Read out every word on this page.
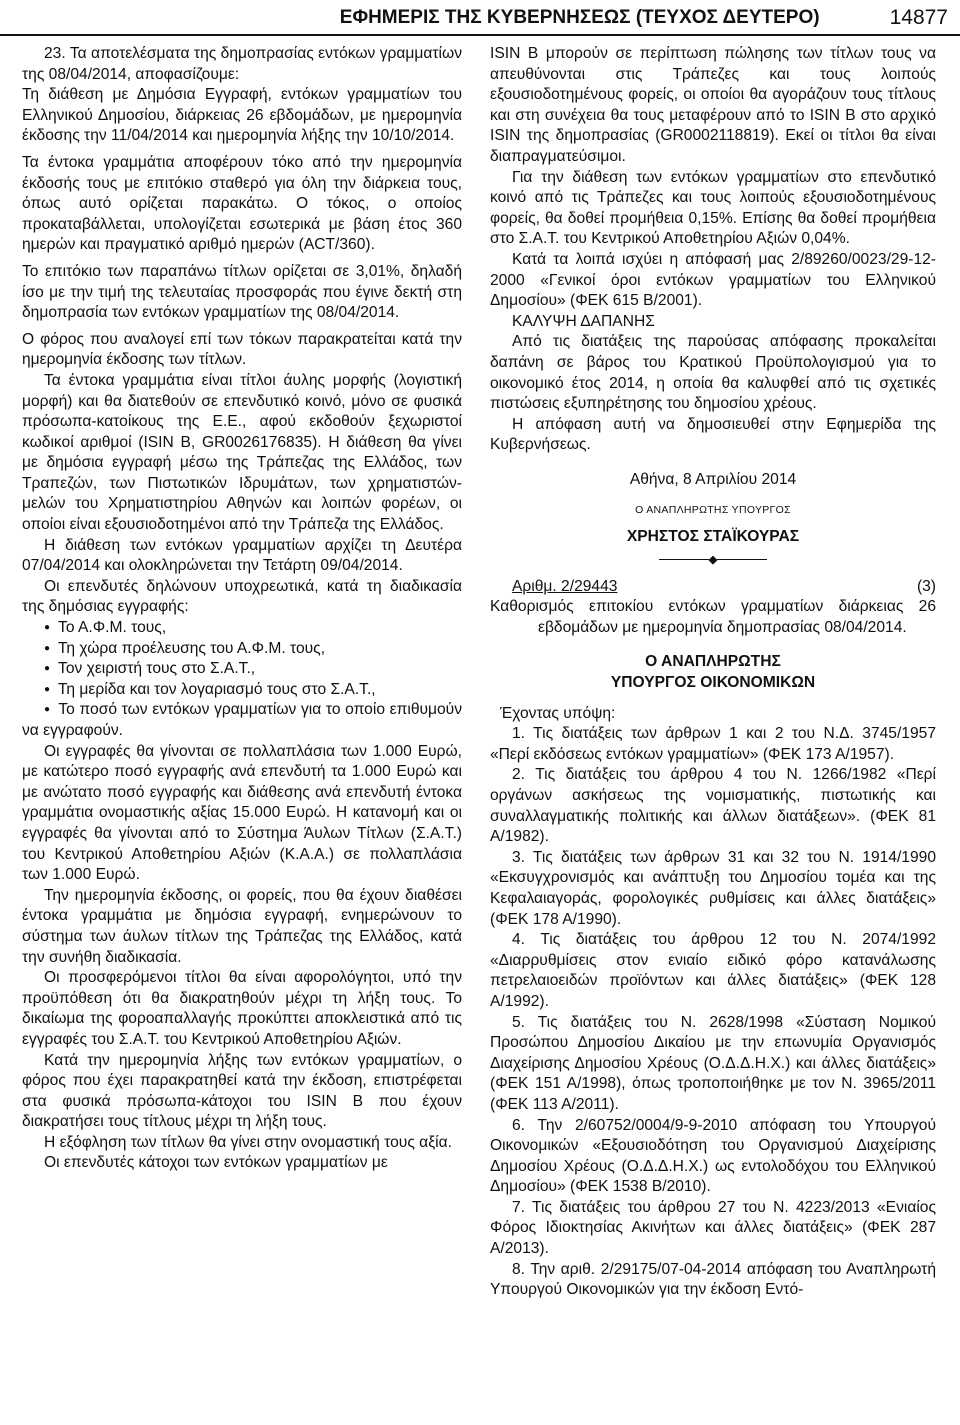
ΕΦΗΜΕΡΙΣ ΤΗΣ ΚΥΒΕΡΝΗΣΕΩΣ (ΤΕΥΧΟΣ ΔΕΥΤΕΡΟ)	14877

23. Τα αποτελέσματα της δημοπρασίας εντόκων γραμματίων της 08/04/2014, αποφασίζουμε:

Τη διάθεση με Δημόσια Εγγραφή, εντόκων γραμματίων του Ελληνικού Δημοσίου, διάρκειας 26 εβδομάδων, με ημερομηνία έκδοσης την 11/04/2014 και ημερομηνία λήξης την 10/10/2014.

Τα έντοκα γραμμάτια αποφέρουν τόκο από την ημερομηνία έκδοσής τους με επιτόκιο σταθερό για όλη την διάρκεια τους, όπως αυτό ορίζεται παρακάτω. Ο τόκος, ο οποίος προκαταβάλλεται, υπολογίζεται εσωτερικά με βάση έτος 360 ημερών και πραγματικό αριθμό ημερών (ACT/360).

Το επιτόκιο των παραπάνω τίτλων ορίζεται σε 3,01%, δηλαδή ίσο με την τιμή της τελευταίας προσφοράς που έγινε δεκτή στη δημοπρασία των εντόκων γραμματίων της 08/04/2014.

Ο φόρος που αναλογεί επί των τόκων παρακρατείται κατά την ημερομηνία έκδοσης των τίτλων.

Τα έντοκα γραμμάτια είναι τίτλοι άυλης μορφής (λογιστική μορφή) και θα διατεθούν σε επενδυτικό κοινό, μόνο σε φυσικά πρόσωπα-κατοίκους της Ε.Ε., αφού εκδοθούν ξεχωριστοί κωδικοί αριθμοί (ISIN B, GR0026176835). Η διάθεση θα γίνει με δημόσια εγγραφή μέσω της Τράπεζας της Ελλάδος, των Τραπεζών, των Πιστωτικών Ιδρυμάτων, των χρηματιστών-μελών του Χρηματιστηρίου Αθηνών και λοιπών φορέων, οι οποίοι είναι εξουσιοδοτημένοι από την Τράπεζα της Ελλάδος.

Η διάθεση των εντόκων γραμματίων αρχίζει τη Δευτέρα 07/04/2014 και ολοκληρώνεται την Τετάρτη 09/04/2014.

Οι επενδυτές δηλώνουν υποχρεωτικά, κατά τη διαδικασία της δημόσιας εγγραφής:

● Το Α.Φ.Μ. τους,

● Τη χώρα προέλευσης του Α.Φ.Μ. τους,

● Τον χειριστή τους στο Σ.Α.Τ.,

● Τη μερίδα και τον λογαριασμό τους στο Σ.Α.Τ.,

● Το ποσό των εντόκων γραμματίων για το οποίο επιθυμούν να εγγραφούν.

Οι εγγραφές θα γίνονται σε πολλαπλάσια των 1.000 Ευρώ, με κατώτερο ποσό εγγραφής ανά επενδυτή τα 1.000 Ευρώ και με ανώτατο ποσό εγγραφής και διάθεσης ανά επενδυτή έντοκα γραμμάτια ονομαστικής αξίας 15.000 Ευρώ. Η κατανομή και οι εγγραφές θα γίνονται από το Σύστημα Άυλων Τίτλων (Σ.Α.Τ.) του Κεντρικού Αποθετηρίου Αξιών (Κ.Α.Α.) σε πολλαπλάσια των 1.000 Ευρώ.

Την ημερομηνία έκδοσης, οι φορείς, που θα έχουν διαθέσει έντοκα γραμμάτια με δημόσια εγγραφή, ενημερώνουν το σύστημα των άυλων τίτλων της Τράπεζας της Ελλάδος, κατά την συνήθη διαδικασία.

Οι προσφερόμενοι τίτλοι θα είναι αφορολόγητοι, υπό την προϋπόθεση ότι θα διακρατηθούν μέχρι τη λήξη τους. Το δικαίωμα της φοροαπαλλαγής προκύπτει αποκλειστικά από τις εγγραφές του Σ.Α.Τ. του Κεντρικού Αποθετηρίου Αξιών.

Κατά την ημερομηνία λήξης των εντόκων γραμματίων, ο φόρος που έχει παρακρατηθεί κατά την έκδοση, επιστρέφεται στα φυσικά πρόσωπα-κάτοχοι του ISIN B που έχουν διακρατήσει τους τίτλους μέχρι τη λήξη τους.

Η εξόφληση των τίτλων θα γίνει στην ονομαστική τους αξία.

Οι επενδυτές κάτοχοι των εντόκων γραμματίων με

ISIN B μπορούν σε περίπτωση πώλησης των τίτλων τους να απευθύνονται στις Τράπεζες και τους λοιπούς εξουσιοδοτημένους φορείς, οι οποίοι θα αγοράζουν τους τίτλους και στη συνέχεια θα τους μεταφέρουν από το ISIN B στο αρχικό ISIN της δημοπρασίας (GR0002118819). Εκεί οι τίτλοι θα είναι διαπραγματεύσιμοι.

Για την διάθεση των εντόκων γραμματίων στο επενδυτικό κοινό από τις Τράπεζες και τους λοιπούς εξουσιοδοτημένους φορείς, θα δοθεί προμήθεια 0,15%. Επίσης θα δοθεί προμήθεια στο Σ.Α.Τ. του Κεντρικού Αποθετηρίου Αξιών 0,04%.

Κατά τα λοιπά ισχύει η απόφασή μας 2/89260/0023/29-12-2000 «Γενικοί όροι εντόκων γραμματίων του Ελληνικού Δημοσίου» (ΦΕΚ 615 Β/2001).

ΚΑΛΥΨΗ ΔΑΠΑΝΗΣ

Από τις διατάξεις της παρούσας απόφασης προκαλείται δαπάνη σε βάρος του Κρατικού Προϋπολογισμού για το οικονομικό έτος 2014, η οποία θα καλυφθεί από τις σχετικές πιστώσεις εξυπηρέτησης του δημοσίου χρέους.

Η απόφαση αυτή να δημοσιευθεί στην Εφημερίδα της Κυβερνήσεως.

Αθήνα, 8 Απριλίου 2014

Ο ΑΝΑΠΛΗΡΩΤΗΣ ΥΠΟΥΡΓΟΣ

ΧΡΗΣΤΟΣ ΣΤΑΪΚΟΥΡΑΣ

◆

Αριθμ. 2/29443	(3)

Καθορισμός επιτοκίου εντόκων γραμματίων διάρκειας 26 εβδομάδων με ημερομηνία δημοπρασίας 08/04/2014.

Ο ΑΝΑΠΛΗΡΩΤΗΣ

ΥΠΟΥΡΓΟΣ ΟΙΚΟΝΟΜΙΚΩΝ

Έχοντας υπόψη:

1. Τις διατάξεις των άρθρων 1 και 2 του Ν.Δ. 3745/1957 «Περί εκδόσεως εντόκων γραμματίων» (ΦΕΚ 173 Α/1957).

2. Τις διατάξεις του άρθρου 4 του Ν. 1266/1982 «Περί οργάνων ασκήσεως της νομισματικής, πιστωτικής και συναλλαγματικής πολιτικής και άλλων διατάξεων». (ΦΕΚ 81 Α/1982).

3. Τις διατάξεις των άρθρων 31 και 32 του Ν. 1914/1990 «Εκσυγχρονισμός και ανάπτυξη του Δημοσίου τομέα και της Κεφαλαιαγοράς, φορολογικές ρυθμίσεις και άλλες διατάξεις» (ΦΕΚ 178 Α/1990).

4. Τις διατάξεις του άρθρου 12 του Ν. 2074/1992 «Διαρρυθμίσεις στον ενιαίο ειδικό φόρο κατανάλωσης πετρελαιοειδών προϊόντων και άλλες διατάξεις» (ΦΕΚ 128 Α/1992).

5. Τις διατάξεις του Ν. 2628/1998 «Σύσταση Νομικού Προσώπου Δημοσίου Δικαίου με την επωνυμία Οργανισμός Διαχείρισης Δημοσίου Χρέους (Ο.Δ.Δ.Η.Χ.) και άλλες διατάξεις» (ΦΕΚ 151 Α/1998), όπως τροποποιήθηκε με τον Ν. 3965/2011 (ΦΕΚ 113 Α/2011).

6. Την 2/60752/0004/9-9-2010 απόφαση του Υπουργού Οικονομικών «Εξουσιοδότηση του Οργανισμού Διαχείρισης Δημοσίου Χρέους (Ο.Δ.Δ.Η.Χ.) ως εντολοδόχου του Ελληνικού Δημοσίου» (ΦΕΚ 1538 Β/2010).

7. Τις διατάξεις του άρθρου 27 του Ν. 4223/2013 «Ενιαίος Φόρος Ιδιοκτησίας Ακινήτων και άλλες διατάξεις» (ΦΕΚ 287 Α/2013).

8. Την αριθ. 2/29175/07-04-2014 απόφαση του Αναπληρωτή Υπουργού Οικονομικών για την έκδοση Εντό-
